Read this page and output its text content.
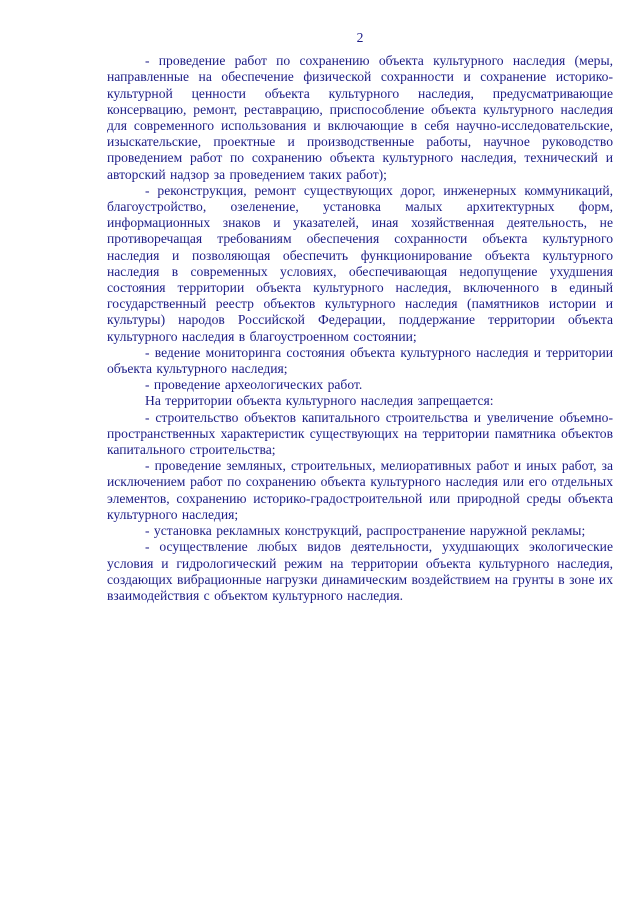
2

- проведение работ по сохранению объекта культурного наследия (меры, направленные на обеспечение физической сохранности и сохранение историко-культурной ценности объекта культурного наследия, предусматривающие консервацию, ремонт, реставрацию, приспособление объекта культурного наследия для современного использования и включающие в себя научно-исследовательские, изыскательские, проектные и производственные работы, научное руководство проведением работ по сохранению объекта культурного наследия, технический и авторский надзор за проведением таких работ);

- реконструкция, ремонт существующих дорог, инженерных коммуникаций, благоустройство, озеленение, установка малых архитектурных форм, информационных знаков и указателей, иная хозяйственная деятельность, не противоречащая требованиям обеспечения сохранности объекта культурного наследия и позволяющая обеспечить функционирование объекта культурного наследия в современных условиях, обеспечивающая недопущение ухудшения состояния территории объекта культурного наследия, включенного в единый государственный реестр объектов культурного наследия (памятников истории и культуры) народов Российской Федерации, поддержание территории объекта культурного наследия в благоустроенном состоянии;

- ведение мониторинга состояния объекта культурного наследия и территории объекта культурного наследия;

- проведение археологических работ.

На территории объекта культурного наследия запрещается:

- строительство объектов капитального строительства и увеличение объемно-пространственных характеристик существующих на территории памятника объектов капитального строительства;

- проведение земляных, строительных, мелиоративных работ и иных работ, за исключением работ по сохранению объекта культурного наследия или его отдельных элементов, сохранению историко-градостроительной или природной среды объекта культурного наследия;

- установка рекламных конструкций, распространение наружной рекламы;

- осуществление любых видов деятельности, ухудшающих экологические условия и гидрологический режим на территории объекта культурного наследия, создающих вибрационные нагрузки динамическим воздействием на грунты в зоне их взаимодействия с объектом культурного наследия.
